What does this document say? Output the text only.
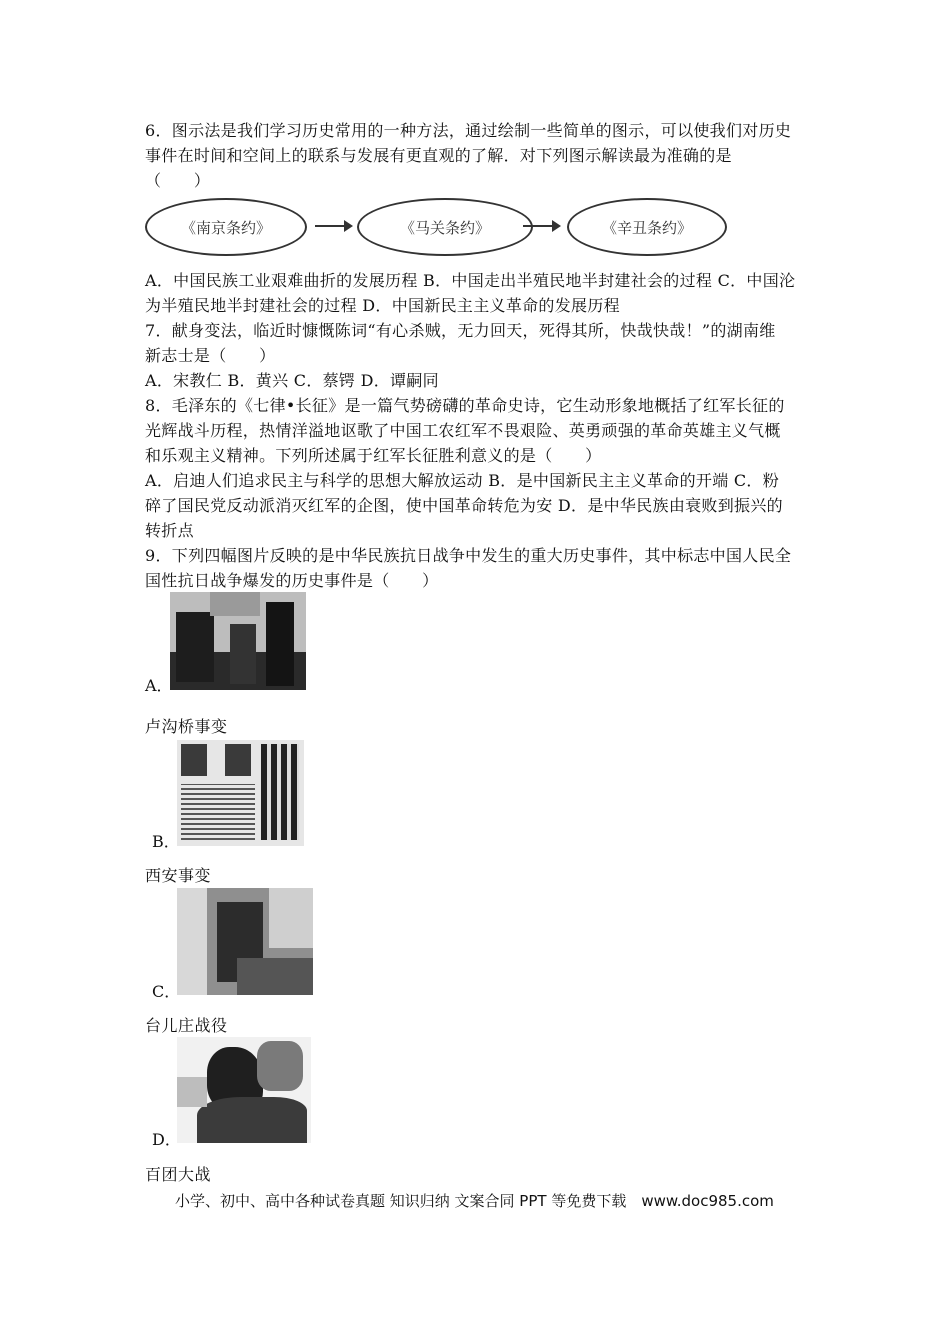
6．图示法是我们学习历史常用的一种方法，通过绘制一些简单的图示，可以使我们对历史
事件在时间和空间上的联系与发展有更直观的了解．对下列图示解读最为准确的是
（　　）
《南京条约》	《马关条约》	《辛丑条约》
A．中国民族工业艰难曲折的发展历程 B．中国走出半殖民地半封建社会的过程 C．中国沦
为半殖民地半封建社会的过程 D．中国新民主主义革命的发展历程
7．献身变法，临近时慷慨陈词“有心杀贼，无力回天，死得其所，快哉快哉！”的湖南维
新志士是（　　）
A．宋教仁 B．黄兴 C．蔡锷 D．谭嗣同
8．毛泽东的《七律•长征》是一篇气势磅礴的革命史诗，它生动形象地概括了红军长征的
光辉战斗历程，热情洋溢地讴歌了中国工农红军不畏艰险、英勇顽强的革命英雄主义气概
和乐观主义精神。下列所述属于红军长征胜利意义的是（　　）
A．启迪人们追求民主与科学的思想大解放运动 B．是中国新民主主义革命的开端 C．粉
碎了国民党反动派消灭红军的企图，使中国革命转危为安 D．是中华民族由衰败到振兴的
转折点
9．下列四幅图片反映的是中华民族抗日战争中发生的重大历史事件，其中标志中国人民全
国性抗日战争爆发的历史事件是（　　）
A．
卢沟桥事变
B．
西安事变
C．
台儿庄战役
D．
百团大战
小学、初中、高中各种试卷真题 知识归纳 文案合同 PPT 等免费下载　www.doc985.com
